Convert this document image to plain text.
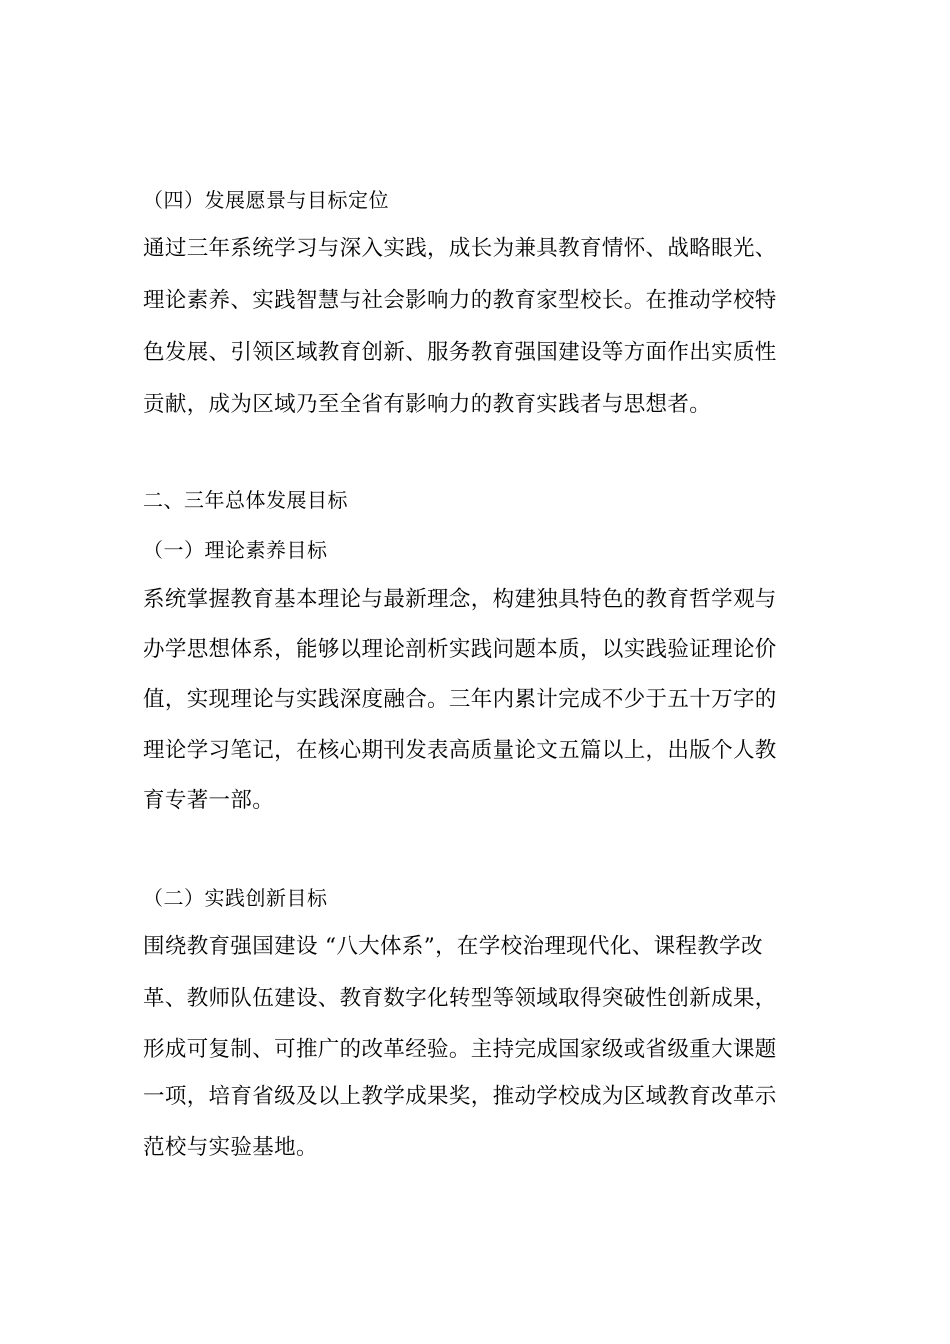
（四）发展愿景与目标定位
通过三年系统学习与深入实践，成长为兼具教育情怀、战略眼光、
理论素养、实践智慧与社会影响力的教育家型校长。在推动学校特
色发展、引领区域教育创新、服务教育强国建设等方面作出实质性
贡献，成为区域乃至全省有影响力的教育实践者与思想者。
二、三年总体发展目标
（一）理论素养目标
系统掌握教育基本理论与最新理念，构建独具特色的教育哲学观与
办学思想体系，能够以理论剖析实践问题本质，以实践验证理论价
值，实现理论与实践深度融合。三年内累计完成不少于五十万字的
理论学习笔记，在核心期刊发表高质量论文五篇以上，出版个人教
育专著一部。
（二）实践创新目标
围绕教育强国建设 “八大体系”，在学校治理现代化、课程教学改
革、教师队伍建设、教育数字化转型等领域取得突破性创新成果，
形成可复制、可推广的改革经验。主持完成国家级或省级重大课题
一项，培育省级及以上教学成果奖，推动学校成为区域教育改革示
范校与实验基地。
